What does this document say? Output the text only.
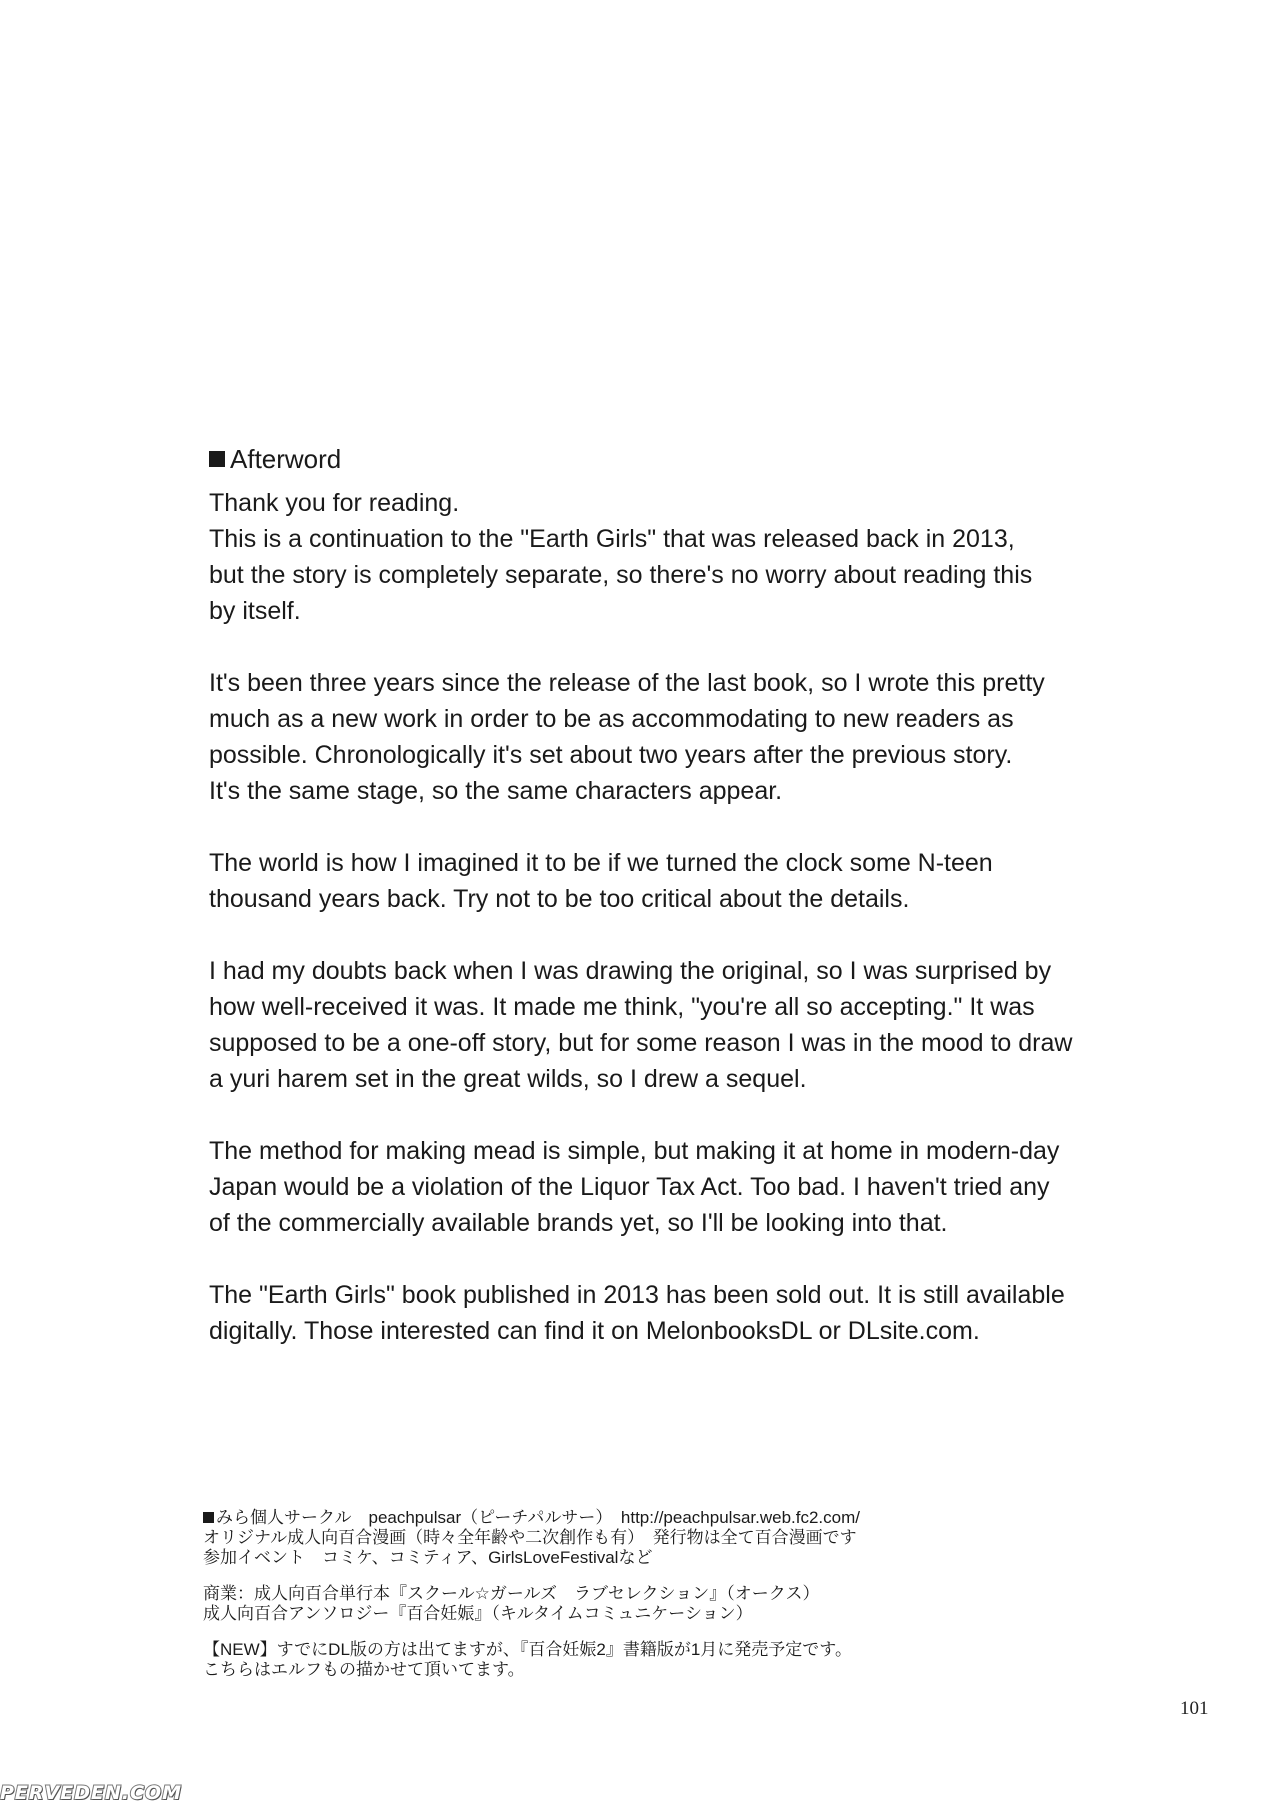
Afterword

Thank you for reading.
This is a continuation to the "Earth Girls" that was released back in 2013,
but the story is completely separate, so there's no worry about reading this
by itself.

It's been three years since the release of the last book, so I wrote this pretty
much as a new work in order to be as accommodating to new readers as
possible. Chronologically it's set about two years after the previous story.
It's the same stage, so the same characters appear.

The world is how I imagined it to be if we turned the clock some N-teen
thousand years back. Try not to be too critical about the details.

I had my doubts back when I was drawing the original, so I was surprised by
how well-received it was. It made me think, "you're all so accepting." It was
supposed to be a one-off story, but for some reason I was in the mood to draw
a yuri harem set in the great wilds, so I drew a sequel.

The method for making mead is simple, but making it at home in modern-day
Japan would be a violation of the Liquor Tax Act. Too bad. I haven't tried any
of the commercially available brands yet, so I'll be looking into that.

The "Earth Girls" book published in 2013 has been sold out. It is still available
digitally. Those interested can find it on MelonbooksDL or DLsite.com.

みら個人サークル　peachpulsar（ピーチパルサー）　http://peachpulsar.web.fc2.com/
オリジナル成人向百合漫画（時々全年齢や二次創作も有）　発行物は全て百合漫画です
参加イベント　コミケ、コミティア、GirlsLoveFestivalなど
商業：成人向百合単行本『スクール☆ガールズ　ラブセレクション』（オークス）
成人向百合アンソロジー『百合妊娠』（キルタイムコミュニケーション）
【NEW】すでにDL版の方は出てますが、『百合妊娠2』書籍版が1月に発売予定です。
こちらはエルフもの描かせて頂いてます。
101
PERVEDEN.COM
